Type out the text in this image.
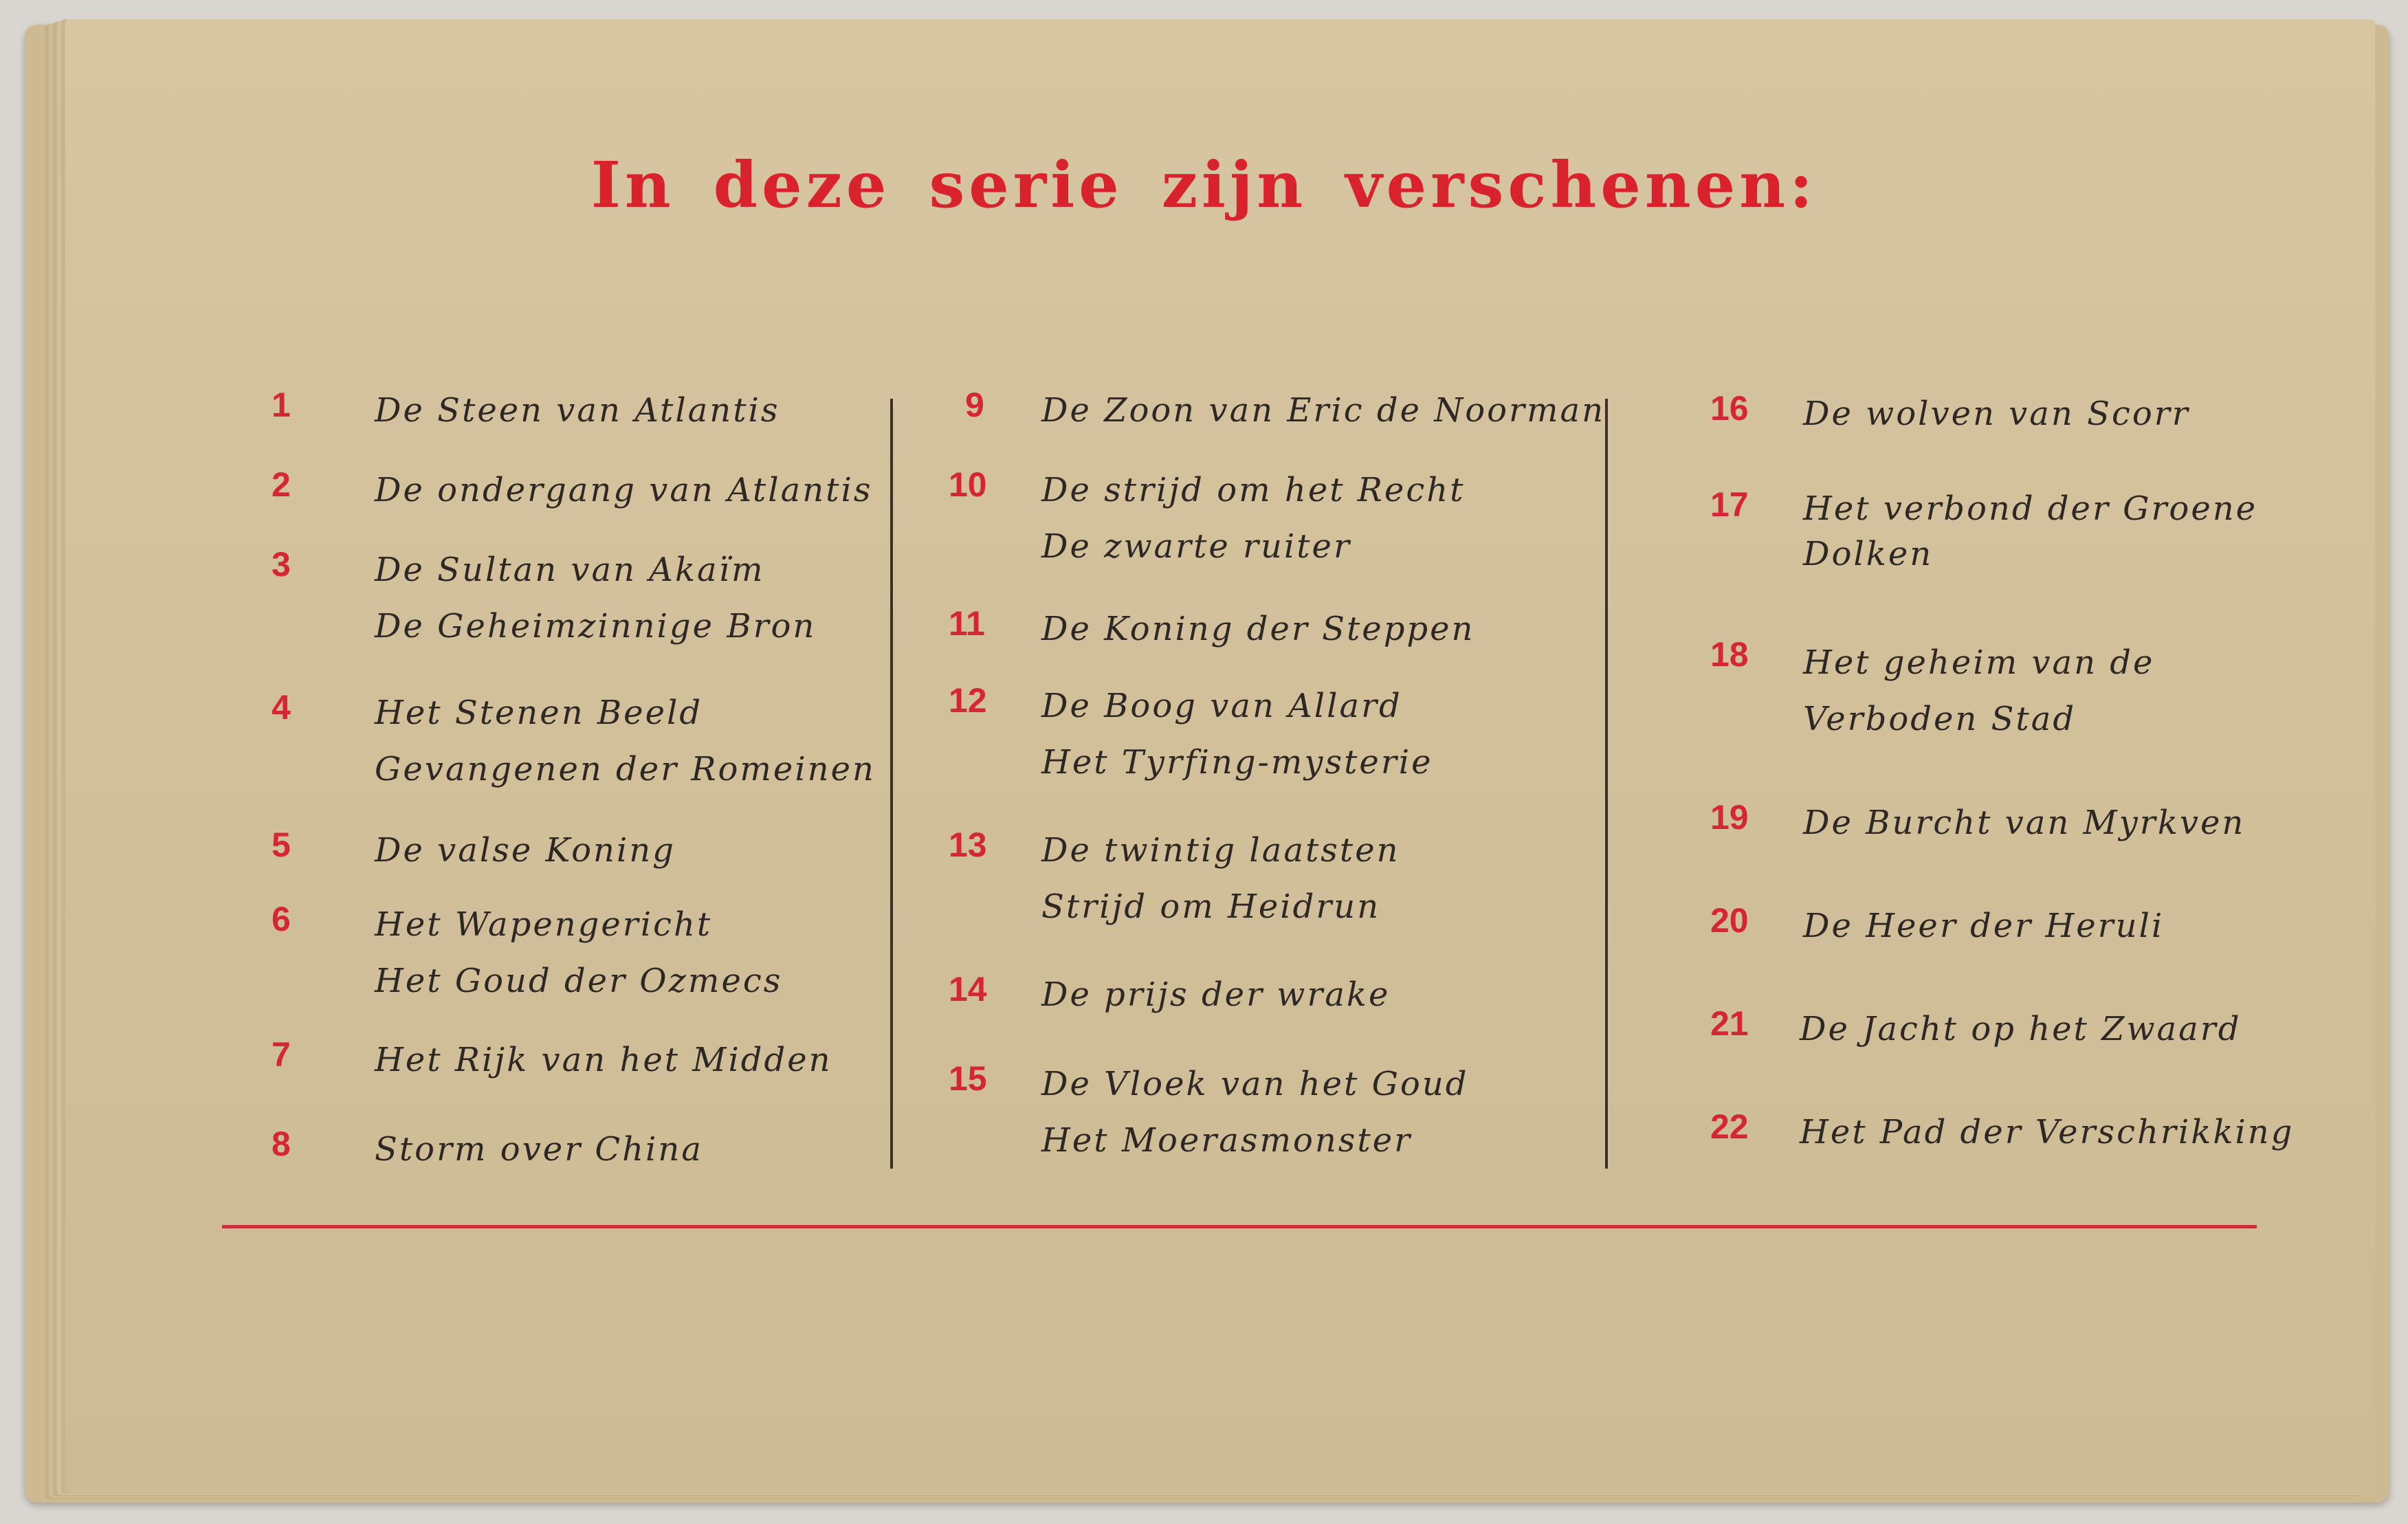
In deze serie zijn verschenen:
1	De Steen van Atlantis
2	De ondergang van Atlantis
3	De Sultan van Akaïm
De Geheimzinnige Bron
4	Het Stenen Beeld
Gevangenen der Romeinen
5	De valse Koning
6	Het Wapengericht
Het Goud der Ozmecs
7	Het Rijk van het Midden
8	Storm over China
9 De Zoon van Eric de Noorman
10 De strijd om het Recht
De zwarte ruiter
11 De Koning der Steppen
12 De Boog van Allard
Het Tyrfing-mysterie
13 De twintig laatsten
Strijd om Heidrun
14 De prijs der wrake
15 De Vloek van het Goud
Het Moerasmonster
16 De wolven van Scorr
17 Het verbond der Groene
Dolken
18 Het geheim van de
Verboden Stad
19 De Burcht van Myrkven
20 De Heer der Heruli
21 De Jacht op het Zwaard
22 Het Pad der Verschrikking
